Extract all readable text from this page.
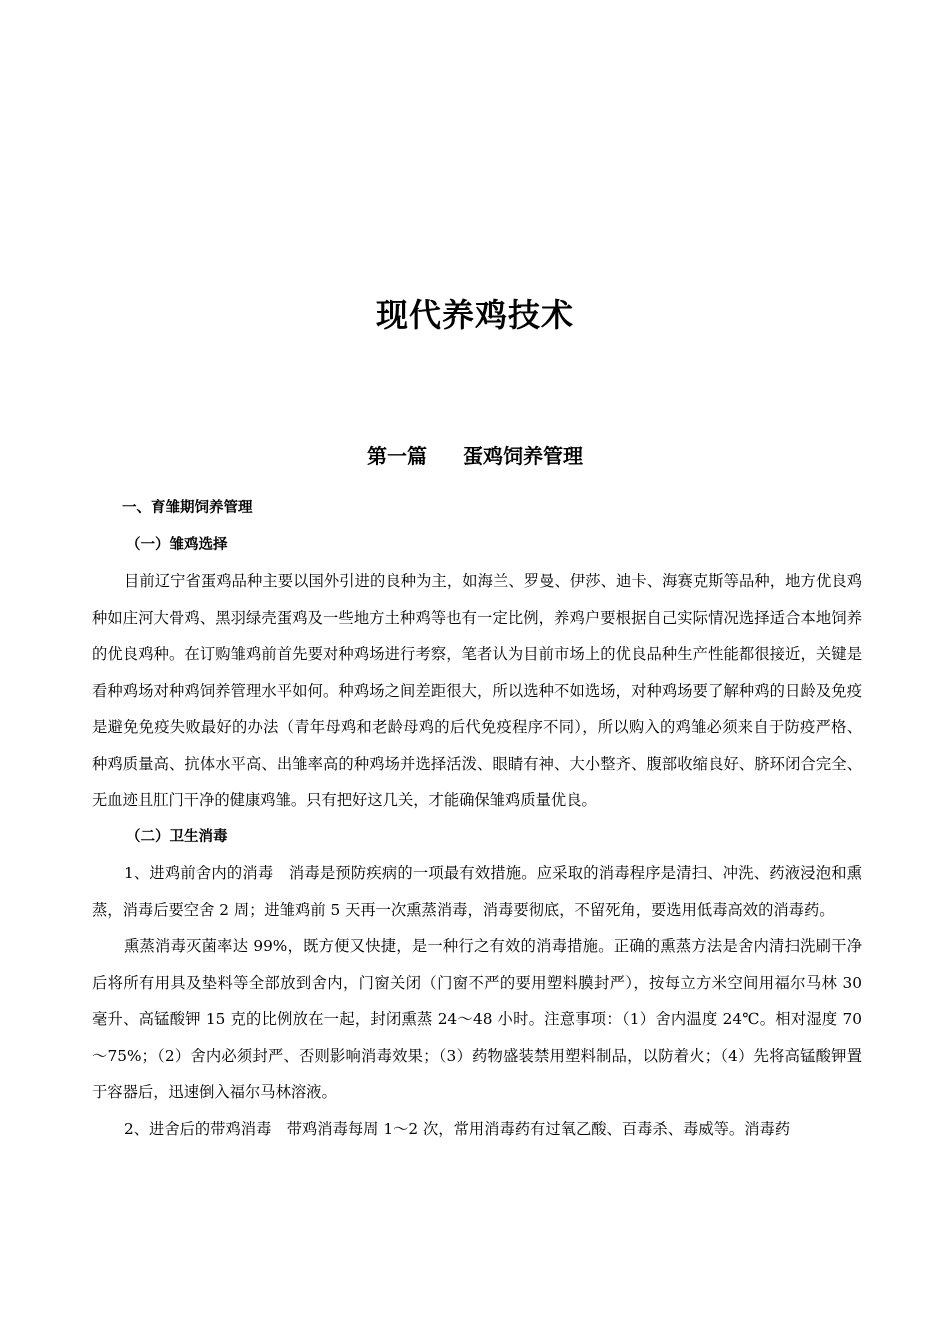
现代养鸡技术
第一篇 蛋鸡饲养管理

一、育雏期饲养管理

（一）雏鸡选择

目前辽宁省蛋鸡品种主要以国外引进的良种为主，如海兰、罗曼、伊莎、迪卡、海赛克斯等品种，地方优良鸡种如庄河大骨鸡、黑羽绿壳蛋鸡及一些地方土种鸡等也有一定比例，养鸡户要根据自己实际情况选择适合本地饲养的优良鸡种。在订购雏鸡前首先要对种鸡场进行考察，笔者认为目前市场上的优良品种生产性能都很接近，关键是看种鸡场对种鸡饲养管理水平如何。种鸡场之间差距很大，所以选种不如选场，对种鸡场要了解种鸡的日龄及免疫是避免免疫失败最好的办法（青年母鸡和老龄母鸡的后代免疫程序不同），所以购入的鸡雏必须来自于防疫严格、种鸡质量高、抗体水平高、出雏率高的种鸡场并选择活泼、眼睛有神、大小整齐、腹部收缩良好、脐环闭合完全、无血迹且肛门干净的健康鸡雏。只有把好这几关，才能确保雏鸡质量优良。

（二）卫生消毒

1、进鸡前舍内的消毒　消毒是预防疾病的一项最有效措施。应采取的消毒程序是清扫、冲洗、药液浸泡和熏蒸，消毒后要空舍 2 周；进雏鸡前 5 天再一次熏蒸消毒，消毒要彻底，不留死角，要选用低毒高效的消毒药。

熏蒸消毒灭菌率达 99%，既方便又快捷，是一种行之有效的消毒措施。正确的熏蒸方法是舍内清扫洗刷干净后将所有用具及垫料等全部放到舍内，门窗关闭（门窗不严的要用塑料膜封严），按每立方米空间用福尔马林 30 毫升、高锰酸钾 15 克的比例放在一起，封闭熏蒸 24～48 小时。注意事项：（1）舍内温度 24℃。相对湿度 70～75%；（2）舍内必须封严、否则影响消毒效果；（3）药物盛装禁用塑料制品，以防着火；（4）先将高锰酸钾置于容器后，迅速倒入福尔马林溶液。

2、进舍后的带鸡消毒　带鸡消毒每周 1～2 次，常用消毒药有过氧乙酸、百毒杀、毒威等。消毒药
